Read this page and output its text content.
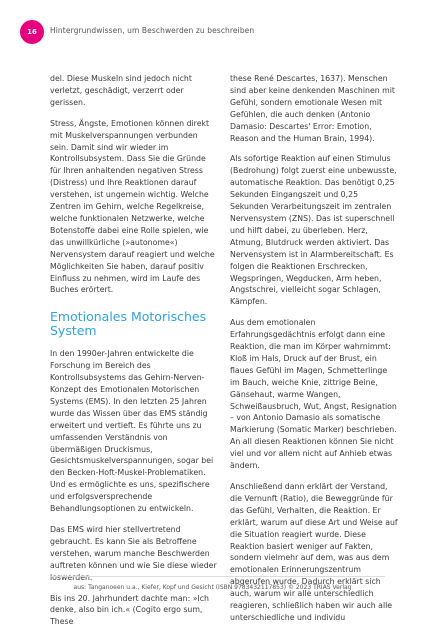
16	Hintergrundwissen, um Beschwerden zu beschreiben

del. Diese Muskeln sind jedoch nicht verletzt, geschädigt, verzerrt oder gerissen.

Stress, Ängste, Emotionen können direkt mit Muskelverspannungen verbunden sein. Damit sind wir wieder im Kontrollsubsystem. Dass Sie die Gründe für Ihren anhaltenden negativen Stress (Distress) und Ihre Reaktionen darauf verstehen, ist ungemein wichtig. Welche Zentren im Gehirn, welche Regelkreise, welche funktionalen Netzwerke, welche Botenstoffe dabei eine Rolle spielen, wie das unwillkürliche (»autonome«) Nervensystem darauf reagiert und welche Möglichkeiten Sie haben, darauf positiv Einfluss zu nehmen, wird im Laufe des Buches erörtert.

Emotionales Motorisches System

In den 1990er-Jahren entwickelte die Forschung im Bereich des Kontrollsubsystems das Gehirn-Nerven-Konzept des Emotionalen Motorischen Systems (EMS). In den letzten 25 Jahren wurde das Wissen über das EMS ständig erweitert und vertieft. Es führte uns zu umfassenden Verständnis von übermäßigen Druckismus, Gesichtsmuskelverspannungen, sogar bei den Becken-Hoft-Muskel-Problematiken. Und es ermöglichte es uns, spezifischere und erfolgsversprechende Behandlungsoptionen zu entwickeln.

Das EMS wird hier stellvertretend gebraucht. Es kann Sie als Betroffene verstehen, warum manche Beschwerden auftreten können und wie Sie diese wieder loswerden.

Bis ins 20. Jahrhundert dachte man: »Ich denke, also bin ich.« (Cogito ergo sum, These

these René Descartes, 1637). Menschen sind aber keine denkenden Maschinen mit Gefühl, sondern emotionale Wesen mit Gefühlen, die auch denken (Antonio Damasio: Descartes' Error: Emotion, Reason and the Human Brain, 1994).

Als sofortige Reaktion auf einen Stimulus (Bedrohung) folgt zuerst eine unbewusste, automatische Reaktion. Das benötigt 0,25 Sekunden Eingangszeit und 0,25 Sekunden Verarbeitungszeit im zentralen Nervensystem (ZNS). Das ist superschnell und hilft dabei, zu überleben. Herz, Atmung, Blutdruck werden aktiviert. Das Nervensystem ist in Alarmbereitschaft. Es folgen die Reaktionen Erschrecken, Wegspringen, Wegducken, Arm heben, Angstschrei, vielleicht sogar Schlagen, Kämpfen.

Aus dem emotionalen Erfahrungsgedächtnis erfolgt dann eine Reaktion, die man im Körper wahrnimmt: Kloß im Hals, Druck auf der Brust, ein flaues Gefühl im Magen, Schmetterlinge im Bauch, weiche Knie, zittrige Beine, Gänsehaut, warme Wangen, Schweißausbruch, Wut, Angst, Resignation – von Antonio Damasio als somatische Markierung (Somatic Marker) beschrieben. An all diesen Reaktionen können Sie nicht viel und vor allem nicht auf Anhieb etwas ändern.

Anschließend dann erklärt der Verstand, die Vernunft (Ratio), die Beweggründe für das Gefühl, Verhalten, die Reaktion. Er erklärt, warum auf diese Art und Weise auf die Situation reagiert wurde. Diese Reaktion basiert weniger auf Fakten, sondern vielmehr auf dem, was aus dem emotionalen Erinnerungszentrum abgerufen wurde. Dadurch erklärt sich auch, warum wir alle unterschiedlich reagieren, schließlich haben wir auch alle unterschiedliche und individu

aus: Tanganoeen u.a., Kiefer, Kopf und Gesicht (ISBN 9783432117853) © 2023 TRIAS Verlag
